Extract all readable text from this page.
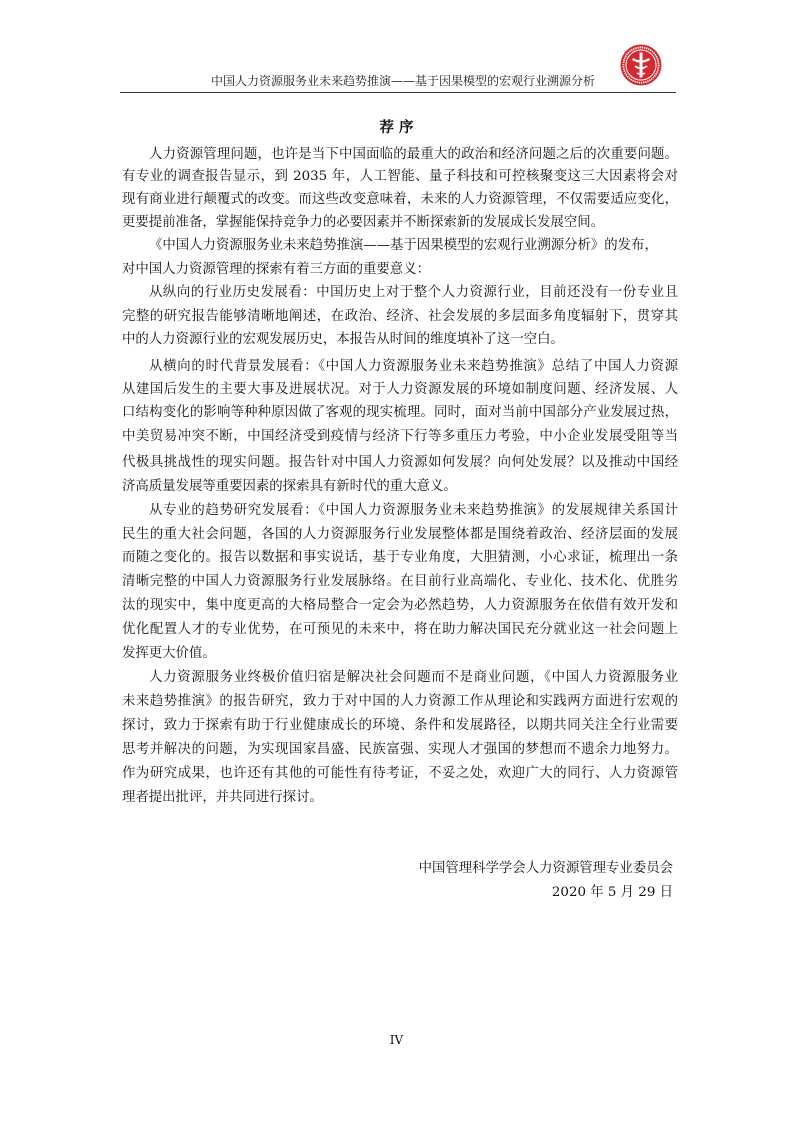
中国人力资源服务业未来趋势推演——基于因果模型的宏观行业溯源分析
荐 序
人力资源管理问题，也许是当下中国面临的最重大的政治和经济问题之后的次重要问题。
有专业的调查报告显示，到 2035 年，人工智能、量子科技和可控核聚变这三大因素将会对
现有商业进行颠覆式的改变。而这些改变意味着，未来的人力资源管理，不仅需要适应变化，
更要提前准备，掌握能保持竞争力的必要因素并不断探索新的发展成长发展空间。
《中国人力资源服务业未来趋势推演——基于因果模型的宏观行业溯源分析》的发布，
对中国人力资源管理的探索有着三方面的重要意义：
从纵向的行业历史发展看：中国历史上对于整个人力资源行业，目前还没有一份专业且
完整的研究报告能够清晰地阐述，在政治、经济、社会发展的多层面多角度辐射下，贯穿其
中的人力资源行业的宏观发展历史，本报告从时间的维度填补了这一空白。
从横向的时代背景发展看：《中国人力资源服务业未来趋势推演》总结了中国人力资源
从建国后发生的主要大事及进展状况。对于人力资源发展的环境如制度问题、经济发展、人
口结构变化的影响等种种原因做了客观的现实梳理。同时，面对当前中国部分产业发展过热，
中美贸易冲突不断，中国经济受到疫情与经济下行等多重压力考验，中小企业发展受阻等当
代极具挑战性的现实问题。报告针对中国人力资源如何发展？向何处发展？以及推动中国经
济高质量发展等重要因素的探索具有新时代的重大意义。
从专业的趋势研究发展看：《中国人力资源服务业未来趋势推演》的发展规律关系国计
民生的重大社会问题，各国的人力资源服务行业发展整体都是围绕着政治、经济层面的发展
而随之变化的。报告以数据和事实说话，基于专业角度，大胆猜测，小心求证，梳理出一条
清晰完整的中国人力资源服务行业发展脉络。在目前行业高端化、专业化、技术化、优胜劣
汰的现实中，集中度更高的大格局整合一定会为必然趋势，人力资源服务在依借有效开发和
优化配置人才的专业优势，在可预见的未来中，将在助力解决国民充分就业这一社会问题上
发挥更大价值。
人力资源服务业终极价值归宿是解决社会问题而不是商业问题，《中国人力资源服务业
未来趋势推演》的报告研究，致力于对中国的人力资源工作从理论和实践两方面进行宏观的
探讨，致力于探索有助于行业健康成长的环境、条件和发展路径，以期共同关注全行业需要
思考并解决的问题，为实现国家昌盛、民族富强、实现人才强国的梦想而不遗余力地努力。
作为研究成果，也许还有其他的可能性有待考证，不妥之处，欢迎广大的同行、人力资源管
理者提出批评，并共同进行探讨。
中国管理科学学会人力资源管理专业委员会
2020 年 5 月 29 日
IV
